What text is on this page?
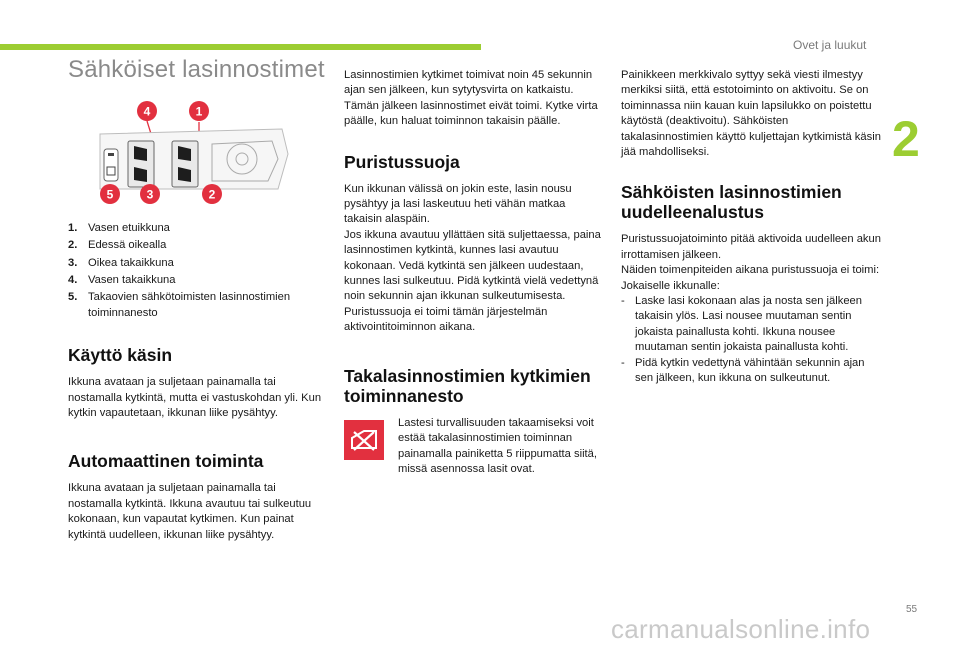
Ovet ja luukut
2
Sähköiset lasinnostimet
4	1
5	3	2
1. Vasen etuikkuna
2. Edessä oikealla
3. Oikea takaikkuna
4. Vasen takaikkuna
5. Takaovien sähkötoimisten lasinnostimien toiminnanesto
Käyttö käsin

Ikkuna avataan ja suljetaan painamalla tai nostamalla kytkintä, mutta ei vastuskohdan yli. Kun kytkin vapautetaan, ikkunan liike pysähtyy.

Automaattinen toiminta

Ikkuna avataan ja suljetaan painamalla tai nostamalla kytkintä. Ikkuna avautuu tai sulkeutuu kokonaan, kun vapautat kytkimen. Kun painat kytkintä uudelleen, ikkunan liike pysähtyy.

Lasinnostimien kytkimet toimivat noin 45 sekunnin ajan sen jälkeen, kun sytytysvirta on katkaistu.

Tämän jälkeen lasinnostimet eivät toimi. Kytke virta päälle, kun haluat toiminnon takaisin päälle.

Puristussuoja

Kun ikkunan välissä on jokin este, lasin nousu pysähtyy ja lasi laskeutuu heti vähän matkaa takaisin alaspäin.

Jos ikkuna avautuu yllättäen sitä suljettaessa, paina lasinnostimen kytkintä, kunnes lasi avautuu kokonaan. Vedä kytkintä sen jälkeen uudestaan, kunnes lasi sulkeutuu. Pidä kytkintä vielä vedettynä noin sekunnin ajan ikkunan sulkeutumisesta.

Puristussuoja ei toimi tämän järjestelmän aktivointitoiminnon aikana.

Takalasinnostimien kytkimien toiminnanesto

Lastesi turvallisuuden takaamiseksi voit estää takalasinnostimien toiminnan painamalla painiketta 5 riippumatta siitä, missä asennossa lasit ovat.

Painikkeen merkkivalo syttyy sekä viesti ilmestyy merkiksi siitä, että estotoiminto on aktivoitu. Se on toiminnassa niin kauan kuin lapsilukko on poistettu käytöstä (deaktivoitu). Sähköisten takalasinnostimien käyttö kuljettajan kytkimistä käsin jää mahdolliseksi.

Sähköisten lasinnostimien uudelleenalustus

Puristussuojatoiminto pitää aktivoida uudelleen akun irrottamisen jälkeen.

Näiden toimenpiteiden aikana puristussuoja ei toimi:

Jokaiselle ikkunalle:

- Laske lasi kokonaan alas ja nosta sen jälkeen takaisin ylös. Lasi nousee muutaman sentin jokaista painallusta kohti. Ikkuna nousee muutaman sentin jokaista painallusta kohti.
- Pidä kytkin vedettynä vähintään sekunnin ajan sen jälkeen, kun ikkuna on sulkeutunut.
55
carmanualsonline.info
